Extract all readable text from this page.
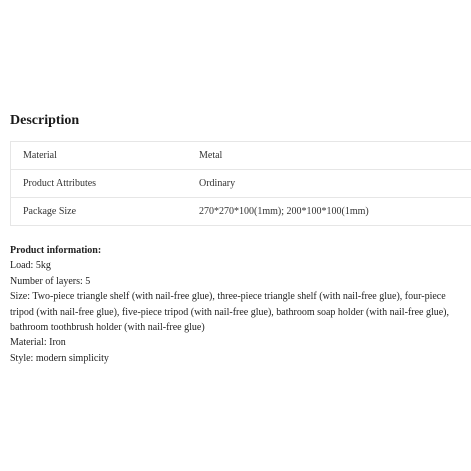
Description
Material	Metal
Product Attributes	Ordinary
Package Size	270*270*100(1mm); 200*100*100(1mm)
Product information:
Load: 5kg
Number of layers: 5
Size: Two-piece triangle shelf (with nail-free glue), three-piece triangle shelf (with nail-free glue), four-piece tripod (with nail-free glue), five-piece tripod (with nail-free glue), bathroom soap holder (with nail-free glue), bathroom toothbrush holder (with nail-free glue)
Material: Iron
Style: modern simplicity
